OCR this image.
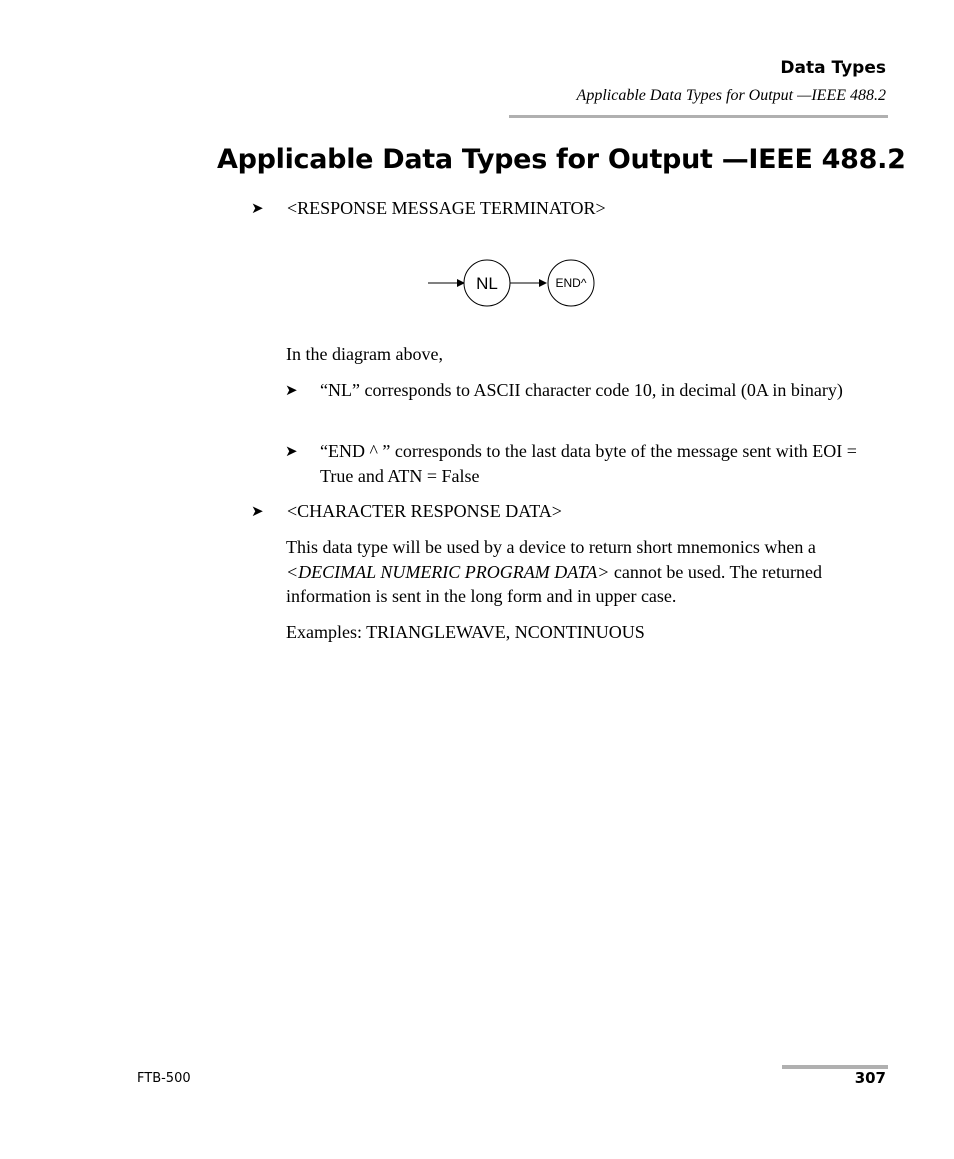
Data Types
Applicable Data Types for Output —IEEE 488.2
Applicable Data Types for Output —IEEE 488.2
➤ <RESPONSE MESSAGE TERMINATOR>
NL	END^
In the diagram above,
➤ “NL” corresponds to ASCII character code 10, in decimal (0A in binary)
➤ “END ^ ” corresponds to the last data byte of the message sent with EOI = True and ATN = False
➤ <CHARACTER RESPONSE DATA>
This data type will be used by a device to return short mnemonics when a <DECIMAL NUMERIC PROGRAM DATA> cannot be used. The returned information is sent in the long form and in upper case.
Examples: TRIANGLEWAVE, NCONTINUOUS
FTB-500	307
